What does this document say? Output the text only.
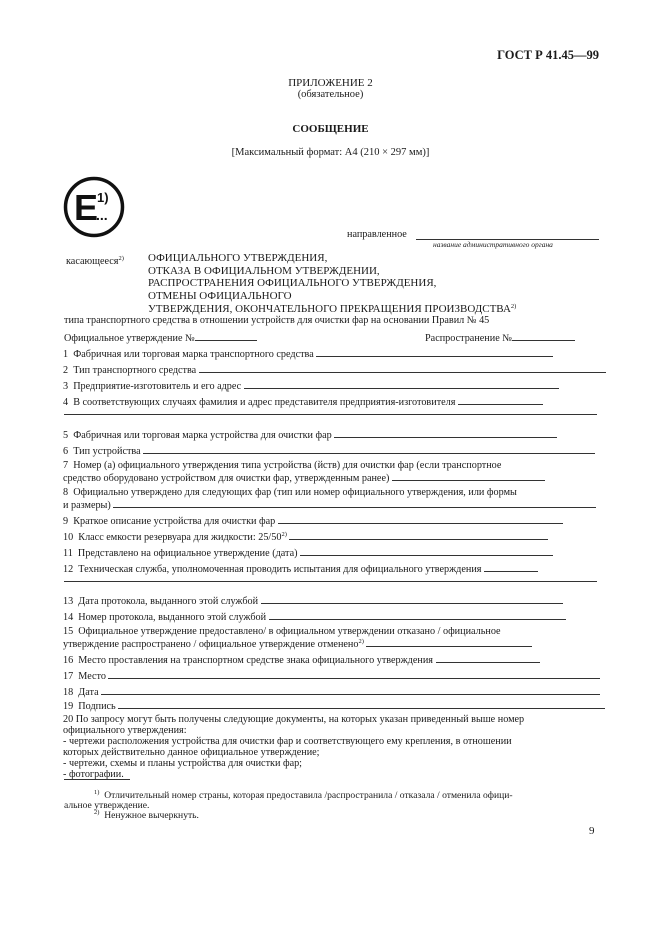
ГОСТ Р 41.45—99
ПРИЛОЖЕНИЕ 2
(обязательное)
СООБЩЕНИЕ
[Максимальный формат: А4 (210 × 297 мм)]
E
1)
...
направленное
название административного органа
касающееся$^{2)}$ ОФИЦИАЛЬНОГО УТВЕРЖДЕНИЯ,
ОТКАЗА В ОФИЦИАЛЬНОМ УТВЕРЖДЕНИИ,
РАСПРОСТРАНЕНИЯ ОФИЦИАЛЬНОГО УТВЕРЖДЕНИЯ,
ОТМЕНЫ ОФИЦИАЛЬНОГО
УТВЕРЖДЕНИЯ, ОКОНЧАТЕЛЬНОГО ПРЕКРАЩЕНИЯ ПРОИЗВОДСТВА$^{2)}$
типа транспортного средства в отношении устройств для очистки фар на основании Правил № 45
Официальное утверждение №	Распространение №
1 Фабричная или торговая марка транспортного средства
2 Тип транспортного средства
3 Предприятие-изготовитель и его адрес
4 В соответствующих случаях фамилия и адрес представителя предприятия-изготовителя
5 Фабричная или торговая марка устройства для очистки фар
6 Тип устройства
7 Номер (а) официального утверждения типа устройства (йств) для очистки фар (если транспортное
средство оборудовано устройством для очистки фар, утвержденным ранее)
8 Официально утверждено для следующих фар (тип или номер официального утверждения, или формы
и размеры)
9 Краткое описание устройства для очистки фар
10 Класс емкости резервуара для жидкости: 25/50$^{2)}$
11 Представлено на официальное утверждение (дата)
12 Техническая служба, уполномоченная проводить испытания для официального утверждения
13 Дата протокола, выданного этой службой
14 Номер протокола, выданного этой службой
15 Официальное утверждение предоставлено/ в официальном утверждении отказано / официальное
утверждение распространено / официальное утверждение отменено$^{2)}$
16 Место проставления на транспортном средстве знака официального утверждения
17 Место
18 Дата
19 Подпись
20 По запросу могут быть получены следующие документы, на которых указан приведенный выше номер
официального утверждения:
- чертежи расположения устройства для очистки фар и соответствующего ему крепления, в отношении
которых действительно данное официальное утверждение;
- чертежи, схемы и планы устройства для очистки фар;
- фотографии.
$^{1)}$ Отличительный номер страны, которая предоставила /распространила / отказала / отменила офици-
альное утверждение.
$^{2)}$ Ненужное вычеркнуть.
9
